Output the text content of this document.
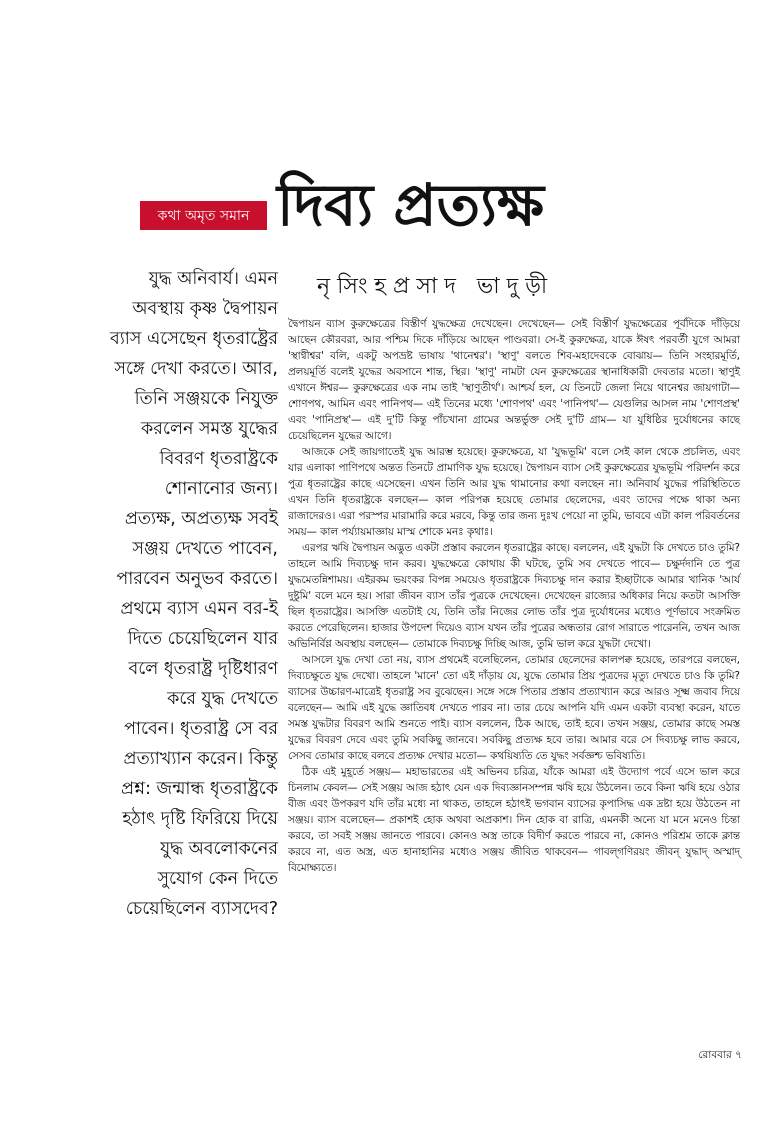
কথা অমৃত সমান দিব্য প্রত্যক্ষ
নৃসিংহপ্রসাদ ভাদুড়ী
যুদ্ধ অনিবার্য। এমন
অবস্থায় কৃষ্ণ দ্বৈপায়ন
ব্যাস এসেছেন ধৃতরাষ্ট্রের
সঙ্গে দেখা করতে। আর,
তিনি সঞ্জয়কে নিযুক্ত
করলেন সমস্ত যুদ্ধের
বিবরণ ধৃতরাষ্ট্রকে
শোনানোর জন্য।
প্রত্যক্ষ, অপ্রত্যক্ষ সবই
সঞ্জয় দেখতে পাবেন,
পারবেন অনুভব করতে।
প্রথমে ব্যাস এমন বর-ই
দিতে চেয়েছিলেন যার
বলে ধৃতরাষ্ট্র দৃষ্টিধারণ
করে যুদ্ধ দেখতে
পাবেন। ধৃতরাষ্ট্র সে বর
প্রত্যাখ্যান করেন। কিন্তু
প্রশ্ন: জন্মান্ধ ধৃতরাষ্ট্রকে
হঠাৎ দৃষ্টি ফিরিয়ে দিয়ে
যুদ্ধ অবলোকনের
সুযোগ কেন দিতে
চেয়েছিলেন ব্যাসদেব?

দ্বৈপায়ন ব্যাস কুরুক্ষেত্রের বিস্তীর্ণ যুদ্ধক্ষেত্র দেখেছেন। দেখেছেন— সেই বিস্তীর্ণ যুদ্ধক্ষেত্রের পূর্বদিকে দাঁড়িয়ে আছেন কৌরবরা, আর পশ্চিম দিকে দাঁড়িয়ে আছেন পাণ্ডবরা। সে-ই কুরুক্ষেত্র, যাকে ঈষৎ পরবর্তী যুগে আমরা 'স্থাণ্বীশ্বর' বলি, একটু অপভ্রষ্ট ভাষায় 'থানেশ্বর'। 'স্থাণু' বলতে শিব-মহাদেবকে বোঝায়— তিনি সংহারমূর্তি, প্রলয়মূর্তি বলেই যুদ্ধের অবসানে শান্ত, স্থির। 'স্থাণু' নামটা যেন কুরুক্ষেত্রের স্থানাধিকারী দেবতার মতো। স্থাণুই এখানে ঈশ্বর— কুরুক্ষেত্রের এক নাম তাই 'স্থাণুতীর্থ'। আশ্চর্য হল, যে তিনটে জেলা নিয়ে থানেশ্বর জায়গাটা— শোণপথ, আমিন এবং পানিপথ— এই তিনের মধ্যে 'শোণপথ' এবং 'পানিপথ'— যেগুলির আসল নাম 'শোণপ্রস্থ' এবং 'পানিপ্রস্থ'— এই দু'টি কিন্তু পাঁচখানা গ্রামের অন্তর্ভুক্ত সেই দু'টি গ্রাম— যা যুধিষ্ঠির দুর্যোধনের কাছে চেয়েছিলেন যুদ্ধের আগে।

আজকে সেই জায়গাতেই যুদ্ধ আরম্ভ হয়েছে। কুরুক্ষেত্রে, যা 'যুদ্ধভূমি' বলে সেই কাল থেকে প্রচলিত, এবং যার এলাকা পাণিপথে অন্তত তিনটে প্রামাণিক যুদ্ধ হয়েছে। দ্বৈপায়ন ব্যাস সেই কুরুক্ষেত্রের যুদ্ধভূমি পরিদর্শন করে পুত্র ধৃতরাষ্ট্রের কাছে এসেছেন। এখন তিনি আর যুদ্ধ থামানোর কথা বলছেন না। অনিবার্য যুদ্ধের পরিস্থিতিতে এখন তিনি ধৃতরাষ্ট্রকে বলছেন— কাল পরিপক্ক হয়েছে তোমার ছেলেদের, এবং তাদের পক্ষে থাকা অন্য রাজাদেরও। এরা পরস্পর মারামারি করে মরবে, কিন্তু তার জন্য দুঃখ পেয়ো না তুমি, ভাববে এটা কাল পরিবর্তনের সময়— কাল পর্য্যায়মাজ্ঞায় মাস্ম শোকে মনঃ কৃথাঃ।

এরপর ঋষি দ্বৈপায়ন অদ্ভুত একটা প্রস্তাব করলেন ধৃতরাষ্ট্রের কাছে। বললেন, এই যুদ্ধটা কি দেখতে চাও তুমি? তাহলে আমি দিব্যচক্ষু দান করব। যুদ্ধক্ষেত্রে কোথায় কী ঘটছে, তুমি সব দেখতে পাবে— চক্ষুর্দদানি তে পুত্র যুদ্ধমেতন্নিশাময়। এইরকম ভয়ংকর বিপন্ন সময়েও ধৃতরাষ্ট্রকে দিব্যচক্ষু দান করার ইচ্ছাটাকে আমার খানিক 'আর্য দুষ্টুমি' বলে মনে হয়। সারা জীবন ব্যাস তাঁর পুত্রকে দেখেছেন। দেখেছেন রাজ্যের অধিকার নিয়ে কতটা আসক্তি ছিল ধৃতরাষ্ট্রের। আসক্তি এতটাই যে, তিনি তাঁর নিজের লোভ তাঁর পুত্র দুর্যোধনের মধ্যেও পূর্ণভাবে সংক্রমিত করতে পেরেছিলেন। হাজার উপদেশ দিয়েও ব্যাস যখন তাঁর পুত্রের অন্ধতার রোগ সারাতে পারেননি, তখন আজ অভিনির্বিণ্ণ অবস্থায় বলছেন— তোমাকে দিব্যচক্ষু দিচ্ছি আজ, তুমি ভাল করে যুদ্ধটা দেখো।

আসলে যুদ্ধ দেখা তো নয়, ব্যাস প্রথমেই বলেছিলেন, তোমার ছেলেদের কালপক্ব হয়েছে, তারপরে বলছেন, দিব্যচক্ষুতে যুদ্ধ দেখো। তাহলে 'মানে' তো এই দাঁড়ায় যে, যুদ্ধে তোমার প্রিয় পুত্রদের মৃত্যু দেখতে চাও কি তুমি? ব্যাসের উচ্চারণ-মাত্রেই ধৃতরাষ্ট্র সব বুঝেছেন। সঙ্গে সঙ্গে পিতার প্রস্তাব প্রত্যাখ্যান করে আরও সূক্ষ্ম জবাব দিয়ে বলেছেন— আমি এই যুদ্ধে জ্ঞাতিবধ দেখতে পারব না। তার চেয়ে আপনি যদি এমন একটা ব্যবস্থা করেন, যাতে সমস্ত যুদ্ধটার বিবরণ আমি শুনতে পাই। ব্যাস বললেন, ঠিক আছে, তাই হবে। তখন সঞ্জয়, তোমার কাছে সমস্ত যুদ্ধের বিবরণ দেবে এবং তুমি সবকিছু জানবে। সবকিছু প্রত্যক্ষ হবে তার। আমার বরে সে দিব্যচক্ষু লাভ করবে, সেসব তোমার কাছে বলবে প্রত্যক্ষ দেখার মতো— কথয়িষ্যতি তে যুদ্ধং সর্বজ্ঞশ্চ ভবিষ্যতি।

ঠিক এই মুহূর্তে সঞ্জয়— মহাভারতের এই অভিনব চরিত্র, যাঁকে আমরা এই উদ্যোগ পর্বে এসে ভাল করে চিনলাম কেবল— সেই সঞ্জয় আজ হঠাৎ যেন এক দিব্যজ্ঞানসম্পন্ন ঋষি হয়ে উঠলেন। তবে কিনা ঋষি হয়ে ওঠার বীজ এবং উপকরণ যদি তাঁর মধ্যে না থাকত, তাহলে হঠাৎই ভগবান ব্যাসের কৃপাসিদ্ধ এক দ্রষ্টা হয়ে উঠতেন না সঞ্জয়। ব্যাস বলেছেন— প্রকাশই হোক অথবা অপ্রকাশ। দিন হোক বা রাত্রি, এমনকী অন্যে যা মনে মনেও চিন্তা করবে, তা সবই সঞ্জয় জানতে পারবে। কোনও অস্ত্র তাকে বিদীর্ণ করতে পারবে না, কোনও পরিশ্রম তাকে ক্লান্ত করবে না, এত অস্ত্র, এত হানাহানির মধ্যেও সঞ্জয় জীবিত থাকবেন— গাবল্‌গণিরয়ং জীবন্‌ যুদ্ধাদ্‌ অস্মাদ্‌ বিমোক্ষ্যতে।

রোববার ৭
